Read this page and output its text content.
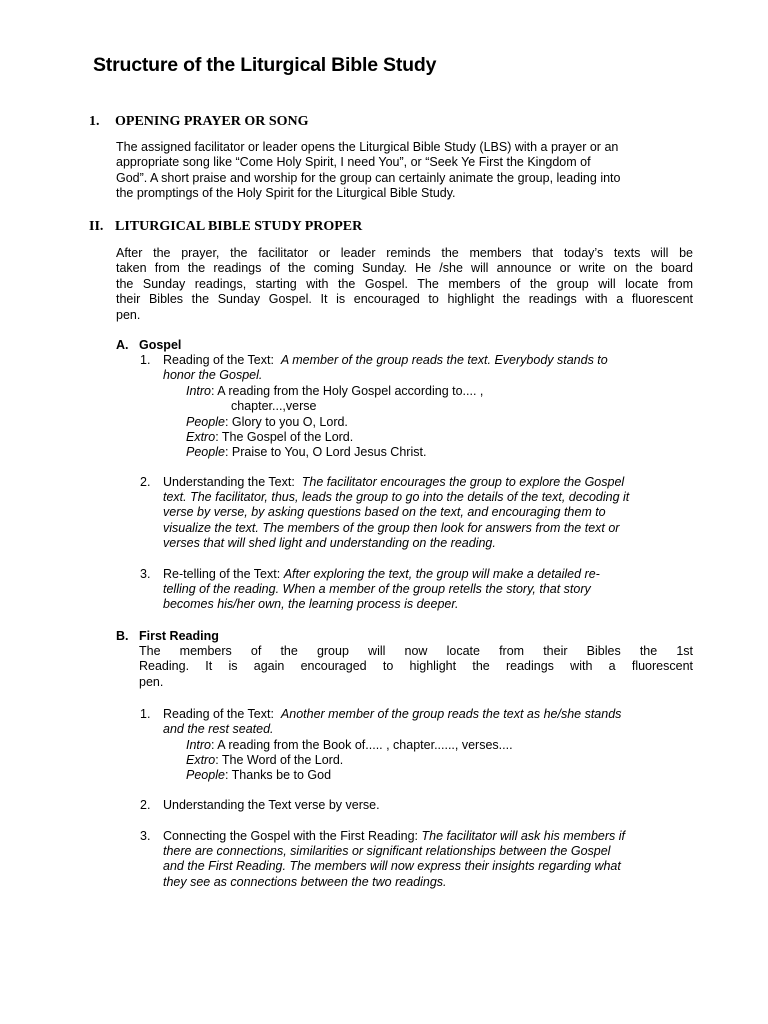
Structure of the Liturgical Bible Study
1. OPENING PRAYER OR SONG
The assigned facilitator or leader opens the Liturgical Bible Study (LBS) with a prayer or an
appropriate song like “Come Holy Spirit, I need You”, or “Seek Ye First the Kingdom of
God”. A short praise and worship for the group can certainly animate the group, leading into
the promptings of the Holy Spirit for the Liturgical Bible Study.
II. LITURGICAL BIBLE STUDY PROPER
After the prayer, the facilitator or leader reminds the members that today’s texts will be
taken from the readings of the coming Sunday. He /she will announce or write on the board
the Sunday readings, starting with the Gospel. The members of the group will locate from
their Bibles the Sunday Gospel. It is encouraged to highlight the readings with a fluorescent
pen.
A. Gospel
1. Reading of the Text: A member of the group reads the text. Everybody stands to
honor the Gospel.
Intro: A reading from the Holy Gospel according to.... ,
chapter...,verse
People: Glory to you O, Lord.
Extro: The Gospel of the Lord.
People: Praise to You, O Lord Jesus Christ.
2. Understanding the Text: The facilitator encourages the group to explore the Gospel
text. The facilitator, thus, leads the group to go into the details of the text, decoding it
verse by verse, by asking questions based on the text, and encouraging them to
visualize the text. The members of the group then look for answers from the text or
verses that will shed light and understanding on the reading.
3. Re-telling of the Text: After exploring the text, the group will make a detailed re-
telling of the reading. When a member of the group retells the story, that story
becomes his/her own, the learning process is deeper.
B. First Reading
The members of the group will now locate from their Bibles the 1st
Reading. It is again encouraged to highlight the readings with a fluorescent
pen.
1. Reading of the Text: Another member of the group reads the text as he/she stands
and the rest seated.
Intro: A reading from the Book of..... , chapter......, verses....
Extro: The Word of the Lord.
People: Thanks be to God
2. Understanding the Text verse by verse.
3. Connecting the Gospel with the First Reading: The facilitator will ask his members if
there are connections, similarities or significant relationships between the Gospel
and the First Reading. The members will now express their insights regarding what
they see as connections between the two readings.
